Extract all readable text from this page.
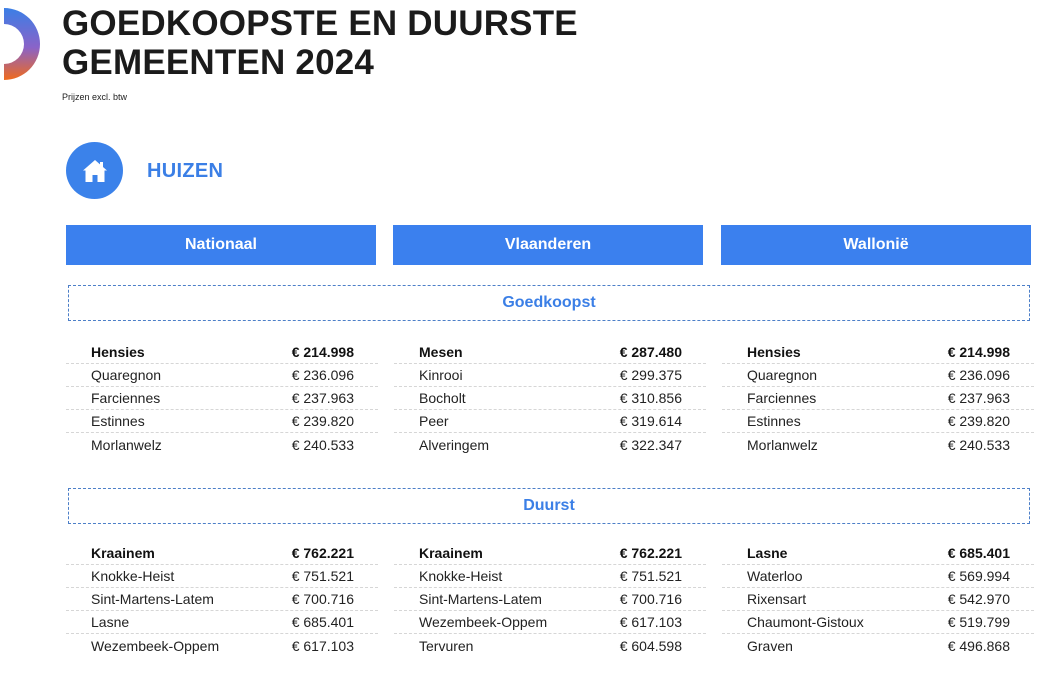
GOEDKOOPSTE EN DUURSTE GEMEENTEN 2024
Prijzen excl. btw
HUIZEN
Nationaal	Vlaanderen	Wallonië
Goedkoopst
Hensies	€ 214.998
Quaregnon	€ 236.096
Farciennes	€ 237.963
Estinnes	€ 239.820
Morlanwelz	€ 240.533
Mesen	€ 287.480
Kinrooi	€ 299.375
Bocholt	€ 310.856
Peer	€ 319.614
Alveringem	€ 322.347
Hensies	€ 214.998
Quaregnon	€ 236.096
Farciennes	€ 237.963
Estinnes	€ 239.820
Morlanwelz	€ 240.533
Duurst
Kraainem	€ 762.221
Knokke-Heist	€ 751.521
Sint-Martens-Latem	€ 700.716
Lasne	€ 685.401
Wezembeek-Oppem	€ 617.103
Kraainem	€ 762.221
Knokke-Heist	€ 751.521
Sint-Martens-Latem	€ 700.716
Wezembeek-Oppem	€ 617.103
Tervuren	€ 604.598
Lasne	€ 685.401
Waterloo	€ 569.994
Rixensart	€ 542.970
Chaumont-Gistoux	€ 519.799
Graven	€ 496.868
